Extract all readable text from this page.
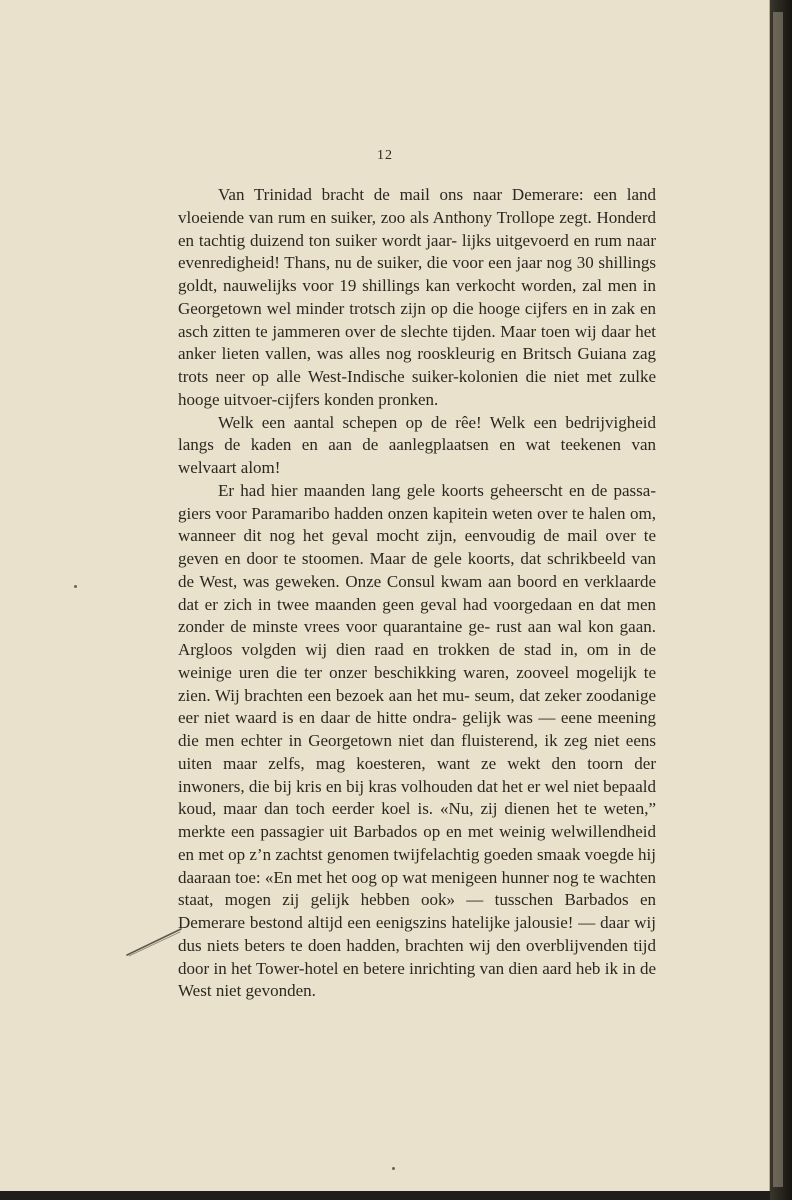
12

Van Trinidad bracht de mail ons naar Demerare: een land vloeiende van rum en suiker, zoo als Anthony Trollope zegt. Honderd en tachtig duizend ton suiker wordt jaar- lijks uitgevoerd en rum naar evenredigheid! Thans, nu de suiker, die voor een jaar nog 30 shillings goldt, nauwelijks voor 19 shillings kan verkocht worden, zal men in Georgetown wel minder trotsch zijn op die hooge cijfers en in zak en asch zitten te jammeren over de slechte tijden. Maar toen wij daar het anker lieten vallen, was alles nog rooskleurig en Britsch Guiana zag trots neer op alle West-Indische suiker-kolonien die niet met zulke hooge uitvoer-cijfers konden pronken.

Welk een aantal schepen op de rêe! Welk een bedrijvigheid langs de kaden en aan de aanlegplaatsen en wat teekenen van welvaart alom!

Er had hier maanden lang gele koorts geheerscht en de passa- giers voor Paramaribo hadden onzen kapitein weten over te halen om, wanneer dit nog het geval mocht zijn, eenvoudig de mail over te geven en door te stoomen. Maar de gele koorts, dat schrikbeeld van de West, was geweken. Onze Consul kwam aan boord en verklaarde dat er zich in twee maanden geen geval had voorgedaan en dat men zonder de minste vrees voor quarantaine ge- rust aan wal kon gaan. Argloos volgden wij dien raad en trokken de stad in, om in de weinige uren die ter onzer beschikking waren, zooveel mogelijk te zien. Wij brachten een bezoek aan het mu- seum, dat zeker zoodanige eer niet waard is en daar de hitte ondra- gelijk was — eene meening die men echter in Georgetown niet dan fluisterend, ik zeg niet eens uiten maar zelfs, mag koesteren, want ze wekt den toorn der inwoners, die bij kris en bij kras volhouden dat het er wel niet bepaald koud, maar dan toch eerder koel is. «Nu, zij dienen het te weten,” merkte een passagier uit Barbados op en met weinig welwillendheid en met op z’n zachtst genomen twijfelachtig goeden smaak voegde hij daaraan toe: «En met het oog op wat menigeen hunner nog te wachten staat, mogen zij gelijk hebben ook» — tusschen Barbados en Demerare bestond altijd een eenigszins hatelijke jalousie! — daar wij dus niets beters te doen hadden, brachten wij den overblijvenden tijd door in het Tower-hotel en betere inrichting van dien aard heb ik in de West niet gevonden.
